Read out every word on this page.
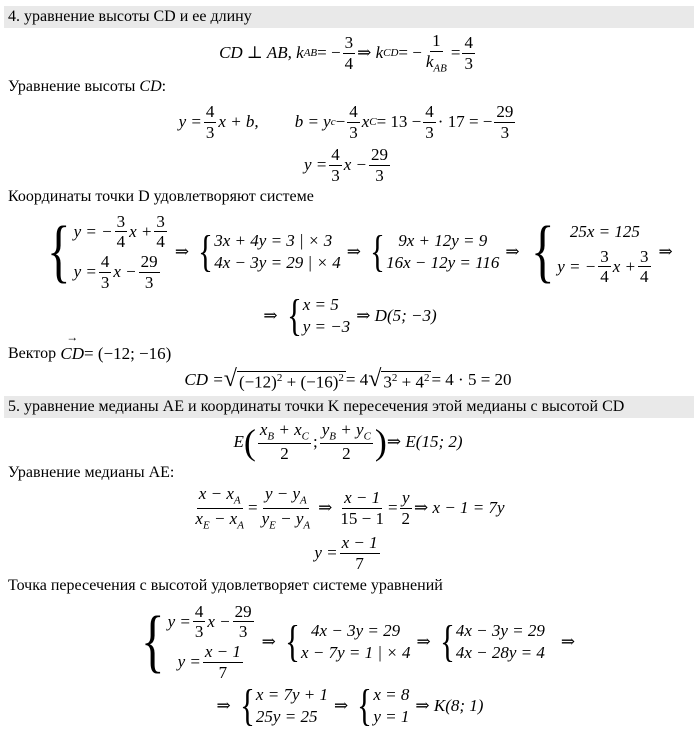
4. уравнение высоты CD и ее длину
CD ⊥ AB, k AB = − $\frac{3}{4}$ ⇒ k CD = − $\frac{1}{k_{AB}} = \frac{4}{3}$
Уравнение высоты CD:
$y = \frac{4}{3}$ x + b, b = y $c - \frac{4}{3}$ x $C = 13 - \frac{4}{3} \cdot 17$ = − $\frac{29}{3}$
$y = \frac{4}{3}$ $x - \frac{29}{3}$
Координаты точки D удовлетворяют системе
{ y = − $\frac{3}{4}$ $x + \frac{3}{4}$
$y = \frac{4}{3}$ $x - \frac{29}{3}$
⇒ { 3x + 4y = 3 | × 3
4x − 3y = 29 | × 4
⇒ { 9x + 12y = 9
16x − 12y = 116
⇒ { 25x = 125
y = − $\frac{3}{4}$ $x + \frac{3}{4}$ ⇒
⇒ { x = 5
y = −3
⇒ D(5; −3)
Вектор

→ CD = (−12; −16)
CD = √ $(-12)^2 + (-16)^2 = 4$ √ $3^2 + 4^2 = 4 \cdot 5 = 20$
5. уравнение медианы AE и координаты точки K пересечения этой медианы с высотой CD
E ( $\frac{x_B + x_C}{2}$ ; $\frac{y_B + y_C}{2}$ ) ⇒ E(15; 2)
Уравнение медианы AE:
$\frac{x - x_A}{x_E - x_A} = \frac{y - y_A}{y_E - y_A}$ ⇒ $\frac{x - 1}{15 - 1} = \frac{y}{2}$ ⇒ x − 1 = 7y
$y = \frac{x - 1}{7}$
Точка пересечения с высотой удовлетворяет системе уравнений
{ $y = \frac{4}{3}$ $x - \frac{29}{3}$
$y = \frac{x - 1}{7}$
⇒ { 4x − 3y = 29
x − 7y = 1 | × 4
⇒ { 4x − 3y = 29
4x − 28y = 4
⇒
⇒ { x = 7y + 1
25y = 25
⇒ { x = 8
y = 1
⇒ K(8; 1)
